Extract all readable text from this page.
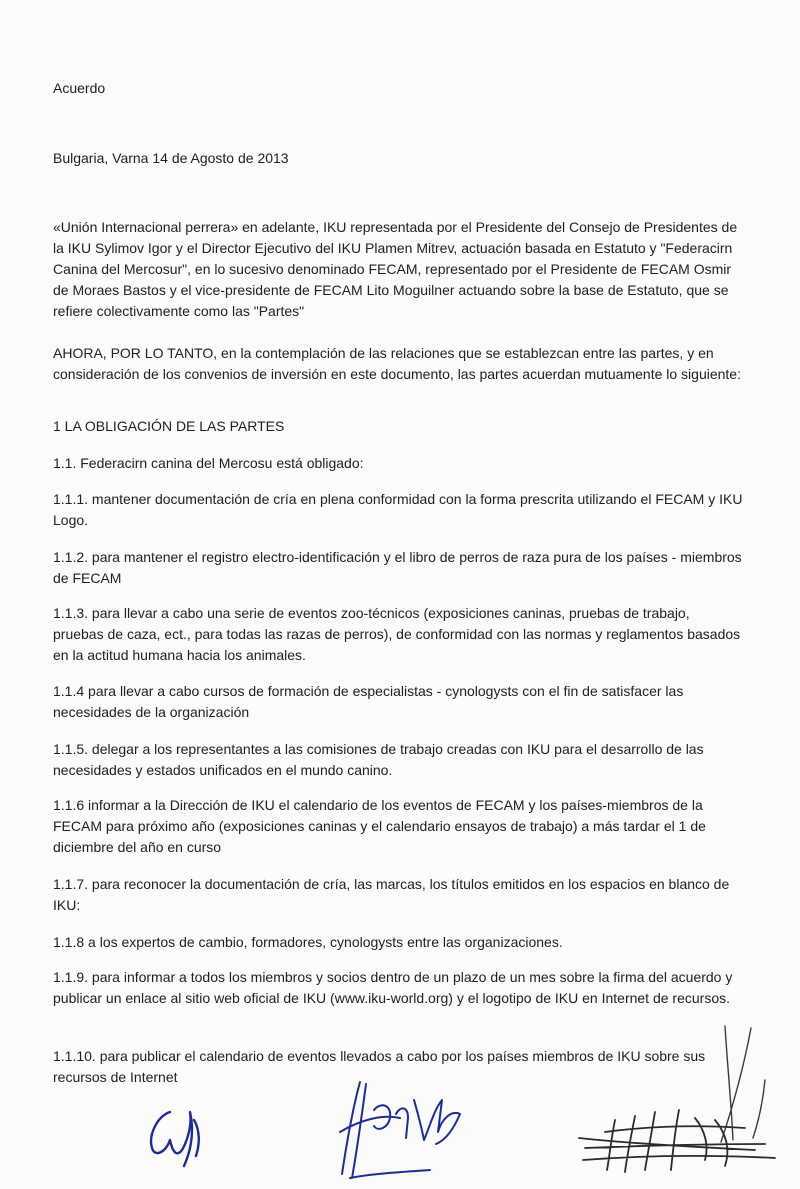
Acuerdo
Bulgaria, Varna 14 de Agosto de 2013
«Unión Internacional perrera» en adelante, IKU representada por el Presidente del Consejo de Presidentes de la IKU Sylimov Igor y el Director Ejecutivo del IKU Plamen Mitrev, actuación basada en Estatuto y "Federacirn Canina del Mercosur", en lo sucesivo denominado FECAM, representado por el Presidente de FECAM Osmir de Moraes Bastos y el vice-presidente de FECAM Lito Moguilner actuando sobre la base de Estatuto, que se refiere colectivamente como las "Partes"
AHORA, POR LO TANTO, en la contemplación de las relaciones que se establezcan entre las partes, y en consideración de los convenios de inversión en este documento, las partes acuerdan mutuamente lo siguiente:
1 LA OBLIGACIÓN DE LAS PARTES
1.1. Federacirn canina del Mercosu está obligado:
1.1.1. mantener documentación de cría en plena conformidad con la forma prescrita utilizando el FECAM y IKU Logo.
1.1.2. para mantener el registro electro-identificación y el libro de perros de raza pura de los países - miembros de FECAM
1.1.3. para llevar a cabo una serie de eventos zoo-técnicos (exposiciones caninas, pruebas de trabajo, pruebas de caza, ect., para todas las razas de perros), de conformidad con las normas y reglamentos basados en la actitud humana hacia los animales.
1.1.4 para llevar a cabo cursos de formación de especialistas - cynologysts con el fin de satisfacer las necesidades de la organización
1.1.5. delegar a los representantes a las comisiones de trabajo creadas con IKU para el desarrollo de las necesidades y estados unificados en el mundo canino.
1.1.6 informar a la Dirección de IKU el calendario de los eventos de FECAM y los países-miembros de la FECAM para próximo año (exposiciones caninas y el calendario ensayos de trabajo) a más tardar el 1 de diciembre del año en curso
1.1.7. para reconocer la documentación de cría, las marcas, los títulos emitidos en los espacios en blanco de IKU:
1.1.8 a los expertos de cambio, formadores, cynologysts entre las organizaciones.
1.1.9. para informar a todos los miembros y socios dentro de un plazo de un mes sobre la firma del acuerdo y publicar un enlace al sitio web oficial de IKU (www.iku-world.org) y el logotipo de IKU en Internet de recursos.
1.1.10. para publicar el calendario de eventos llevados a cabo por los países miembros de IKU sobre sus recursos de Internet
